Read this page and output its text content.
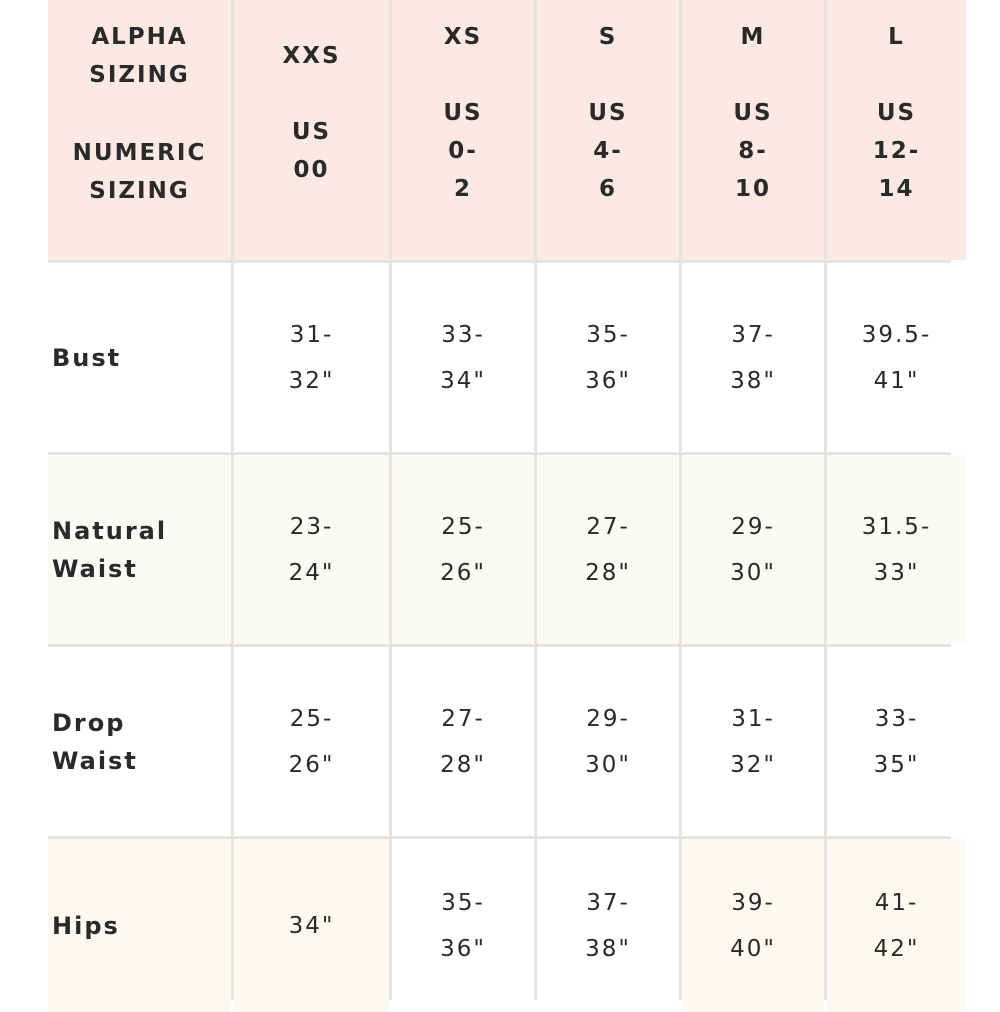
ALPHA
SIZING
NUMERIC
SIZING
XXS
US
00
XS
US
0-
2
S
US
4-
6
M
US
8-
10
L
US
12-
14
Bust
31-
32"
33-
34"
35-
36"
37-
38"
39.5-
41"
Natural
Waist
23-
24"
25-
26"
27-
28"
29-
30"
31.5-
33"
Drop
Waist
25-
26"
27-
28"
29-
30"
31-
32"
33-
35"
Hips	34"
35-
36"
37-
38"
39-
40"
41-
42"
